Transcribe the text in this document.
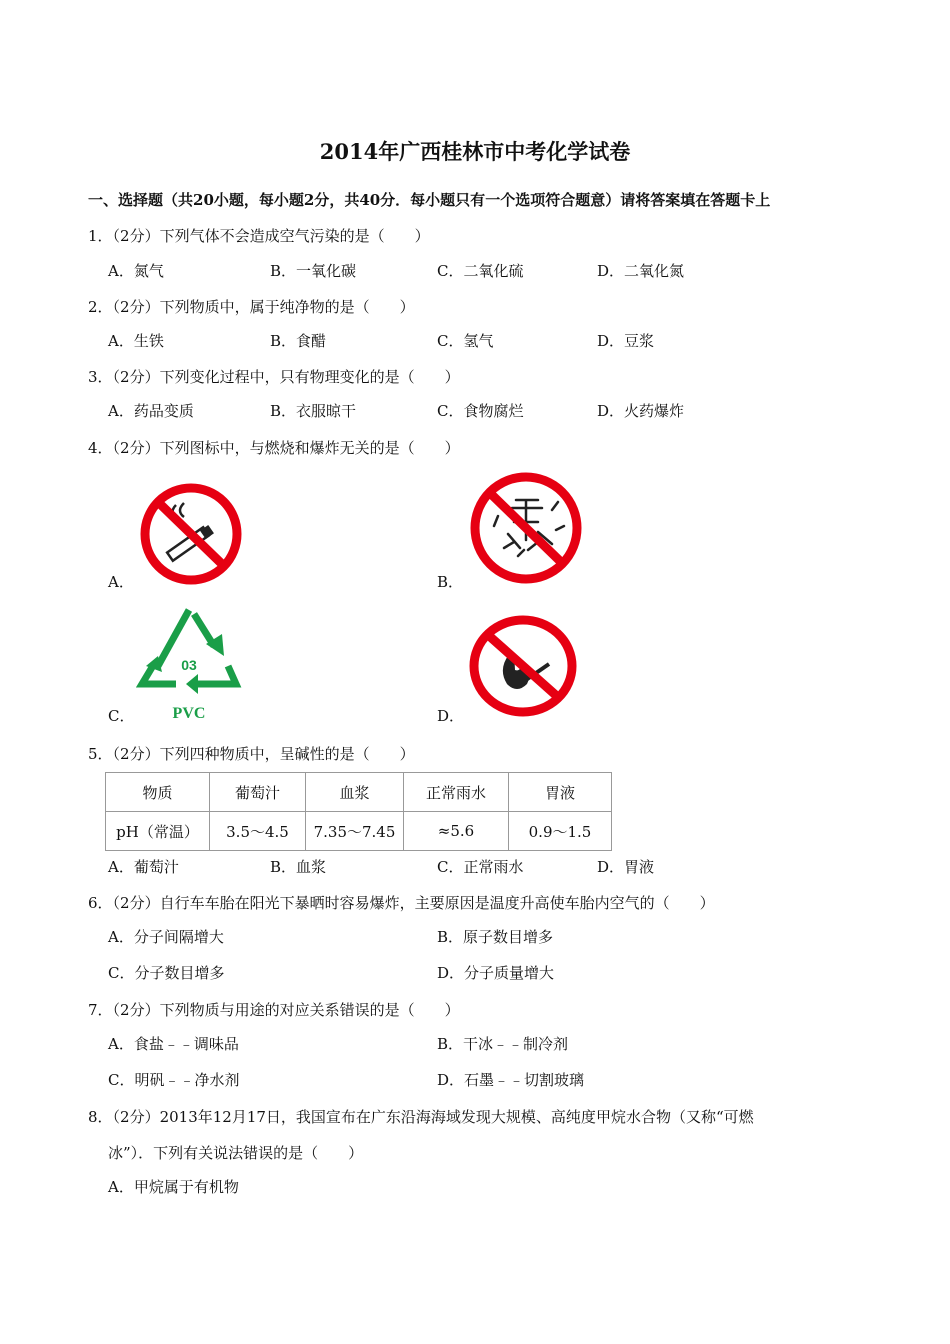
2014年广西桂林市中考化学试卷
一、选择题（共20小题，每小题2分，共40分．每小题只有一个选项符合题意）请将答案填在答题卡上
1．（2分）下列气体不会造成空气污染的是（　　）
A．氮气	B．一氧化碳	C．二氧化硫	D．二氧化氮
2．（2分）下列物质中，属于纯净物的是（　　）
A．生铁	B．食醋	C．氢气	D．豆浆
3．（2分）下列变化过程中，只有物理变化的是（　　）
A．药品变质	B．衣服晾干	C．食物腐烂	D．火药爆炸
4．（2分）下列图标中，与燃烧和爆炸无关的是（　　）
A．	B．
C．
03
PVC	D．
5．（2分）下列四种物质中，呈碱性的是（　　）
物质	葡萄汁	血浆	正常雨水	胃液
pH（常温）	3.5～4.5	7.35～7.45	≈5.6	0.9～1.5
A．葡萄汁	B．血浆	C．正常雨水	D．胃液
6．（2分）自行车车胎在阳光下暴晒时容易爆炸，主要原因是温度升高使车胎内空气的（　　）
A．分子间隔增大	B．原子数目增多
C．分子数目增多	D．分子质量增大
7．（2分）下列物质与用途的对应关系错误的是（　　）
A．食盐﹣﹣调味品	B．干冰﹣﹣制冷剂
C．明矾﹣﹣净水剂	D．石墨﹣﹣切割玻璃
8．（2分）2013年12月17日，我国宣布在广东沿海海域发现大规模、高纯度甲烷水合物（又称“可燃
冰”）．下列有关说法错误的是（　　）
A．甲烷属于有机物
